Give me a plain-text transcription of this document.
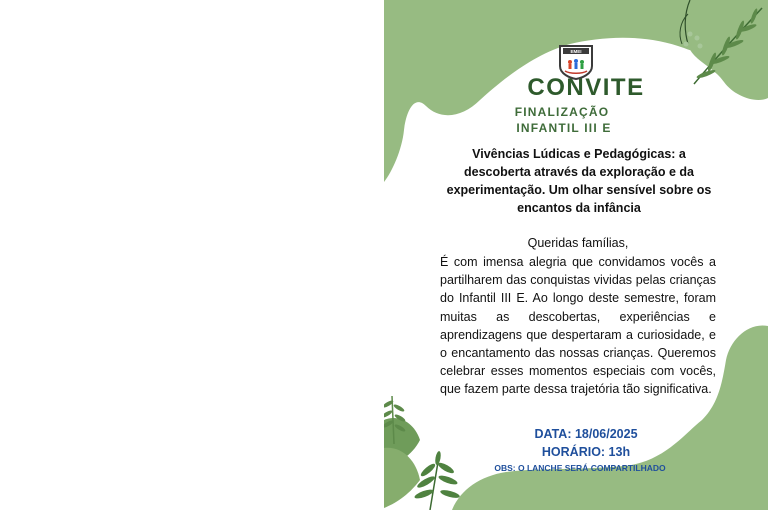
EMEI
CONVITE
FINALIZAÇÃO
INFANTIL III E
Vivências Lúdicas e Pedagógicas: a descoberta através da exploração e da experimentação. Um olhar sensível sobre os encantos da infância
Queridas famílias,
É com imensa alegria que convidamos vocês a partilharem das conquistas vividas pelas crianças do Infantil III E. Ao longo deste semestre, foram muitas as descobertas, experiências e aprendizagens que despertaram a curiosidade, e o encantamento das nossas crianças. Queremos celebrar esses momentos especiais com vocês, que fazem parte dessa trajetória tão significativa.
DATA: 18/06/2025
HORÁRIO: 13h
OBS: O LANCHE SERÁ COMPARTILHADO
